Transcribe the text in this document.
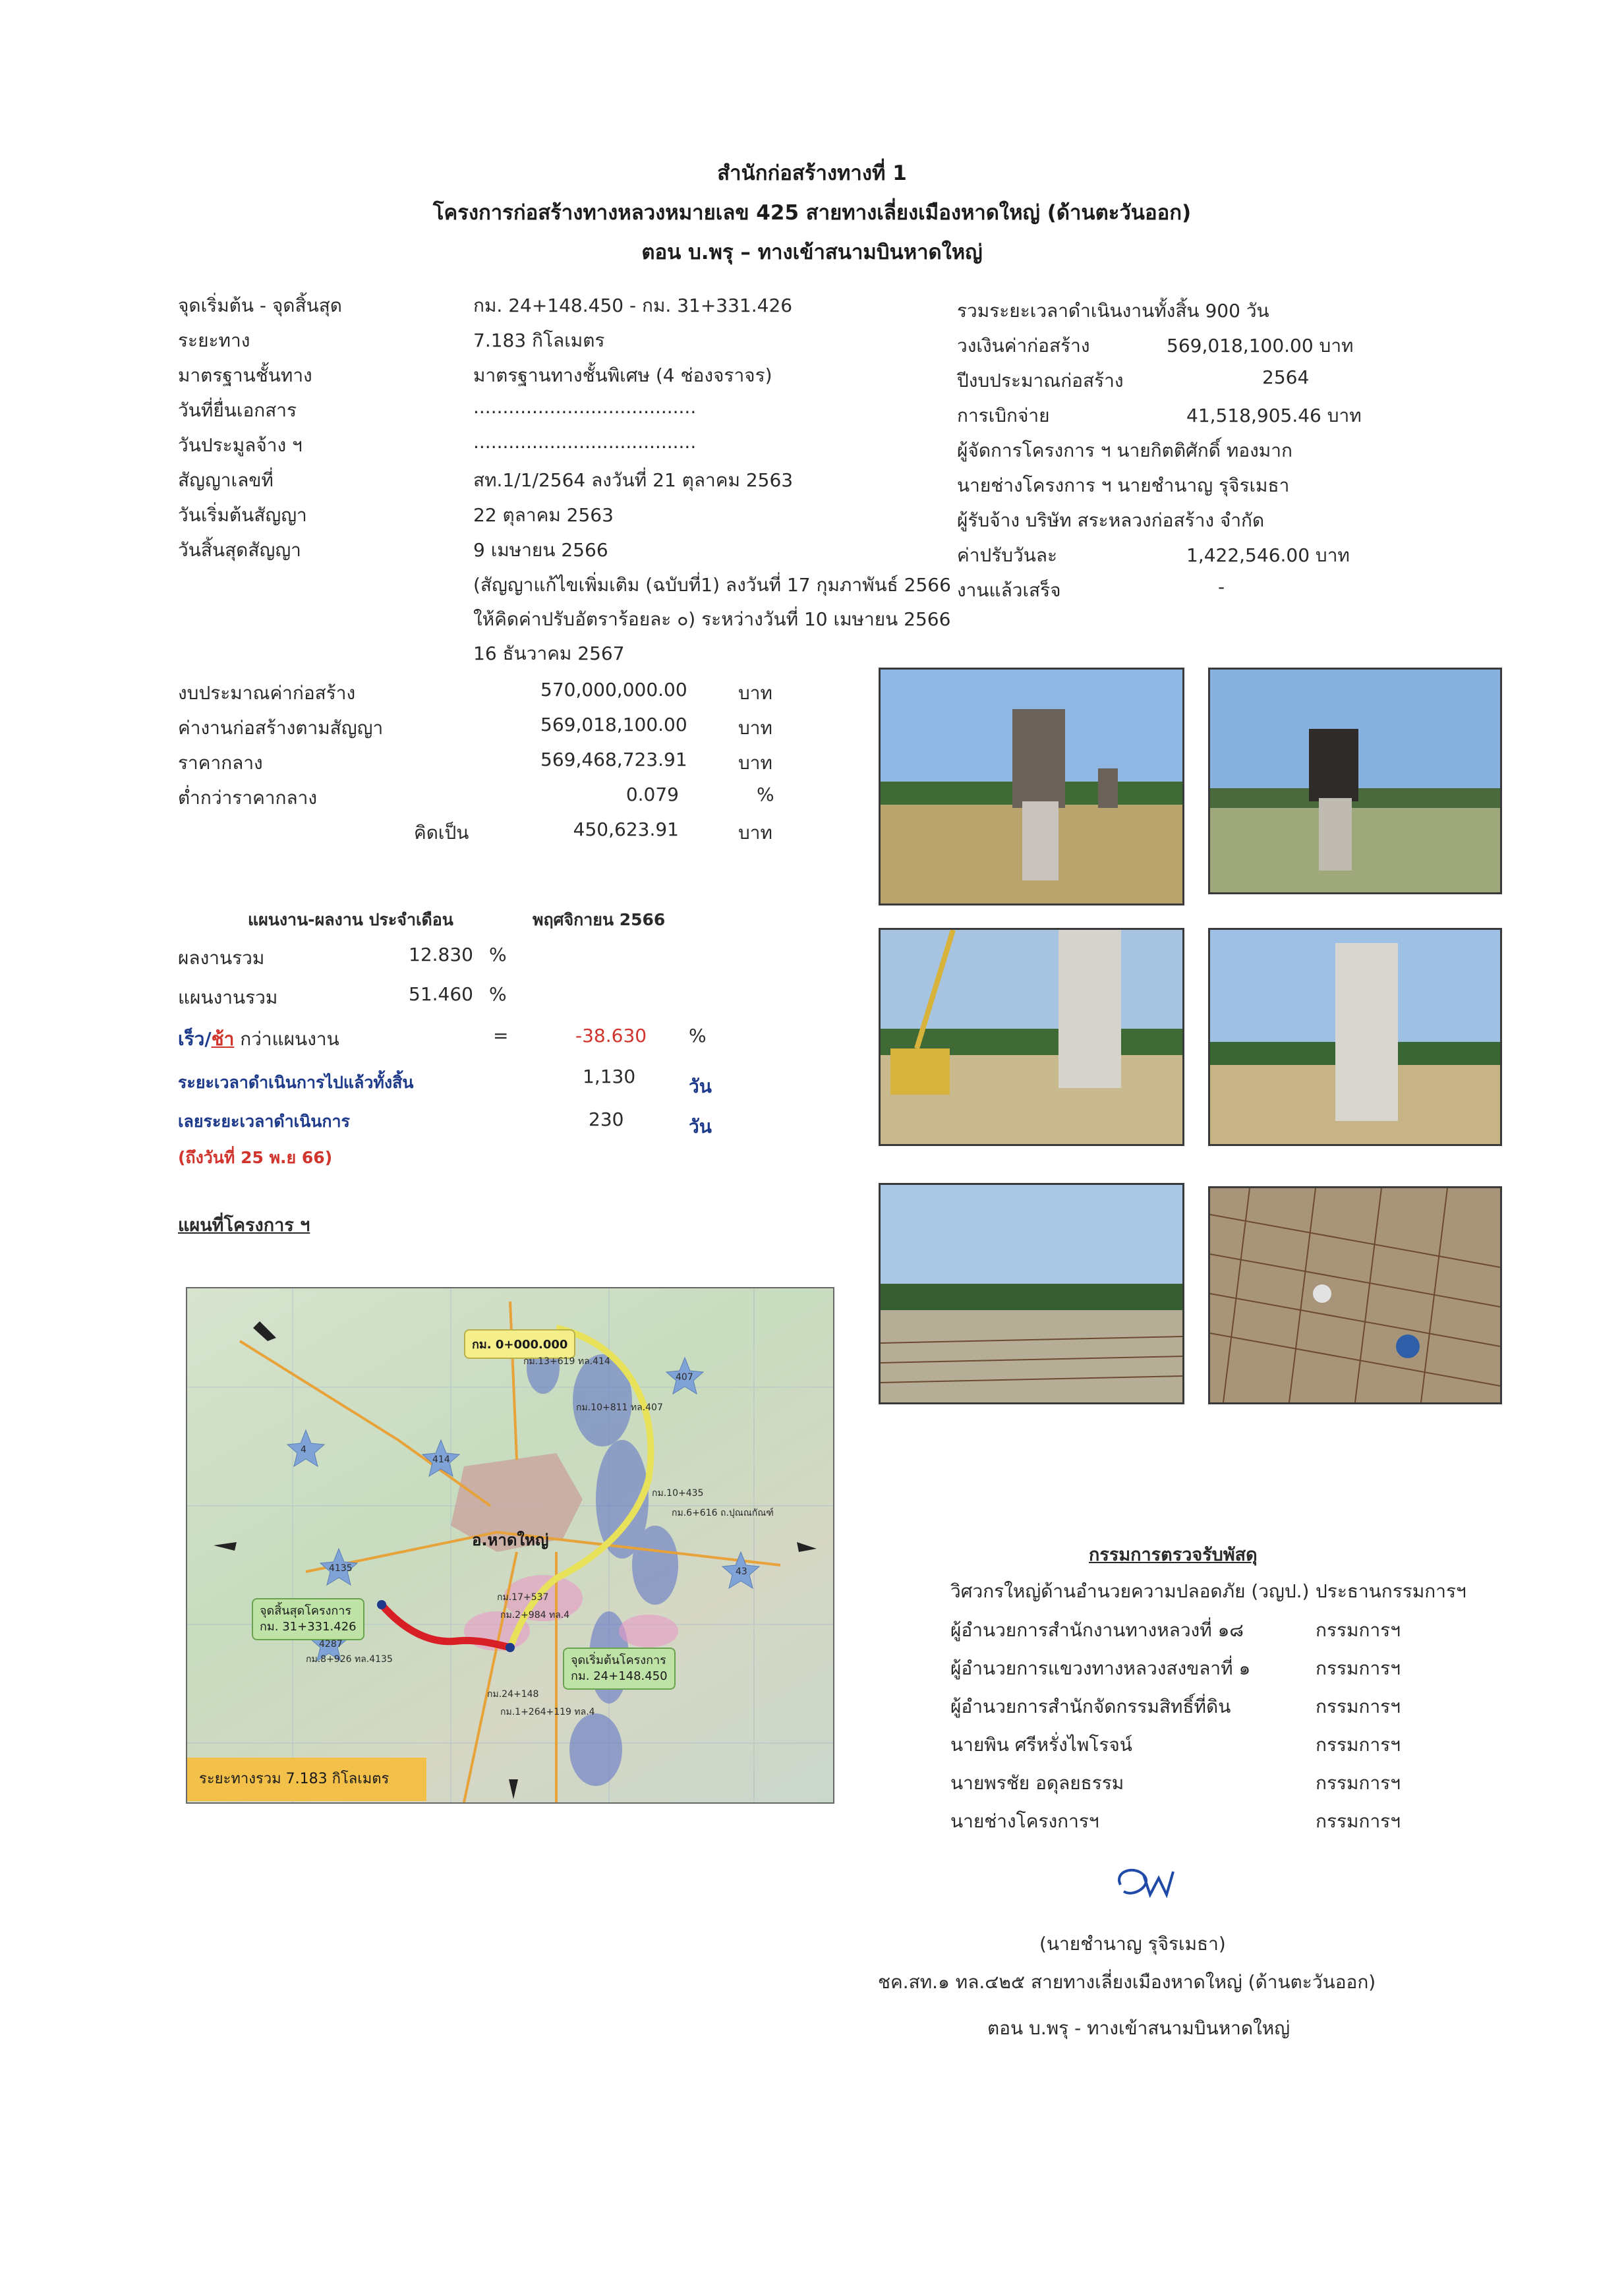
สำนักก่อสร้างทางที่ 1
โครงการก่อสร้างทางหลวงหมายเลข 425 สายทางเลี่ยงเมืองหาดใหญ่ (ด้านตะวันออก)
ตอน บ.พรุ – ทางเข้าสนามบินหาดใหญ่
จุดเริ่มต้น - จุดสิ้นสุด	กม. 24+148.450 - กม. 31+331.426
ระยะทาง	7.183 กิโลเมตร
มาตรฐานชั้นทาง	มาตรฐานทางชั้นพิเศษ (4 ช่องจราจร)
วันที่ยื่นเอกสาร	......................................
วันประมูลจ้าง ฯ	......................................
สัญญาเลขที่	สท.1/1/2564 ลงวันที่ 21 ตุลาคม 2563
วันเริ่มต้นสัญญา	22 ตุลาคม 2563
วันสิ้นสุดสัญญา	9 เมษายน 2566
(สัญญาแก้ไขเพิ่มเติม (ฉบับที่1) ลงวันที่ 17 กุมภาพันธ์ 2566
ให้คิดค่าปรับอัตราร้อยละ ๐) ระหว่างวันที่ 10 เมษายน 2566
16 ธันวาคม 2567
รวมระยะเวลาดำเนินงานทั้งสิ้น 900 วัน
วงเงินค่าก่อสร้าง	569,018,100.00 บาท
ปีงบประมาณก่อสร้าง	2564
การเบิกจ่าย	41,518,905.46 บาท
ผู้จัดการโครงการ ฯ นายกิตติศักดิ์ ทองมาก
นายช่างโครงการ ฯ นายชำนาญ รุจิรเมธา
ผู้รับจ้าง บริษัท สระหลวงก่อสร้าง จำกัด
ค่าปรับวันละ	1,422,546.00 บาท
งานแล้วเสร็จ	-
งบประมาณค่าก่อสร้าง	570,000,000.00	บาท
ค่างานก่อสร้างตามสัญญา	569,018,100.00	บาท
ราคากลาง	569,468,723.91	บาท
ต่ำกว่าราคากลาง	0.079	%
คิดเป็น	450,623.91	บาท
แผนงาน-ผลงาน ประจำเดือน	พฤศจิกายน 2566
ผลงานรวม	12.830 %
แผนงานรวม	51.460 %
เร็ว/ช้า กว่าแผนงาน	=	-38.630 %
ระยะเวลาดำเนินการไปแล้วทั้งสิ้น	1,130	วัน
เลยระยะเวลาดำเนินการ	230	วัน
(ถึงวันที่ 25 พ.ย 66)
แผนที่โครงการ ฯ
กม. 0+000.000
อ.หาดใหญ่
จุดสิ้นสุดโครงการ
กม. 31+331.426
จุดเริ่มต้นโครงการ
กม. 24+148.450
กม.13+619 ทล.414
กม.10+811 ทล.407
กม.10+435
กม.6+616 ถ.ปุณณกัณฑ์
กม.17+537
กม.2+984 ทล.4
กม.24+148
กม.1+264+119 ทล.4
กม.8+926 ทล.4135
4
414
407
4287
4135	43
ระยะทางรวม 7.183 กิโลเมตร
กรรมการตรวจรับพัสดุ
วิศวกรใหญ่ด้านอำนวยความปลอดภัย (วญป.) ประธานกรรมการฯ
ผู้อำนวยการสำนักงานทางหลวงที่ ๑๘	กรรมการฯ
ผู้อำนวยการแขวงทางหลวงสงขลาที่ ๑	กรรมการฯ
ผู้อำนวยการสำนักจัดกรรมสิทธิ์ที่ดิน	กรรมการฯ
นายพิน ศรีหรั่งไพโรจน์	กรรมการฯ
นายพรชัย อดุลยธรรม	กรรมการฯ
นายช่างโครงการฯ	กรรมการฯ
(นายชำนาญ รุจิรเมธา)
ชค.สท.๑ ทล.๔๒๕ สายทางเลี่ยงเมืองหาดใหญ่ (ด้านตะวันออก)
ตอน บ.พรุ - ทางเข้าสนามบินหาดใหญ่
